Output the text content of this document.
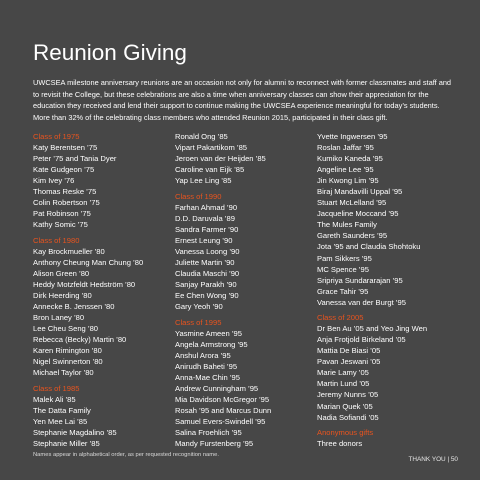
Reunion Giving

UWCSEA milestone anniversary reunions are an occasion not only for alumni to reconnect with former classmates and staff and to revisit the College, but these celebrations are also a time when anniversary classes can show their appreciation for the education they received and lend their support to continue making the UWCSEA experience meaningful for today’s students. More than 32% of the celebrating class members who attended Reunion 2015, participated in their class gift.

Class of 1975
Katy Berentsen ’75
Peter ’75 and Tania Dyer
Kate Gudgeon ’75
Kim Ivey ’76
Thomas Reske ’75
Colin Robertson ’75
Pat Robinson ’75
Kathy Somic ’75
Class of 1980
Kay Brockmueller ’80
Anthony Cheung Man Chung ’80
Alison Green ’80
Heddy Motzfeldt Hedström ’80
Dirk Heerding ’80
Annecke B. Jenssen ’80
Bron Laney ’80
Lee Cheu Seng ’80
Rebecca (Becky) Martin ’80
Karen Rimington ’80
Nigel Swinnerton ’80
Michael Taylor ’80
Class of 1985
Malek Ali ’85
The Datta Family
Yen Mee Lai ’85
Stephanie Magdalino ’85
Stephanie Miller ’85
Ronald Ong ’85
Vipart Pakartikom ’85
Jeroen van der Heijden ’85
Caroline van Eijk ’85
Yap Lee Ling ’85
Class of 1990
Farhan Ahmad ’90
D.D. Daruvala ’89
Sandra Farmer ’90
Ernest Leung ’90
Vanessa Loong ’90
Juliette Martin ’90
Claudia Maschi ’90
Sanjay Parakh ’90
Ee Chen Wong ’90
Gary Yeoh ’90
Class of 1995
Yasmine Ameen ’95
Angela Armstrong ’95
Anshul Arora ’95
Anirudh Baheti ’95
Anna-Mae Chin ’95
Andrew Cunningham ’95
Mia Davidson McGregor ’95
Rosah ’95 and Marcus Dunn
Samuel Evers-Swindell ’95
Salina Froehlich ’95
Mandy Furstenberg ’95
Yvette Ingwersen ’95
Roslan Jaffar ’95
Kumiko Kaneda ’95
Angeline Lee ’95
Jin Kwong Lim ’95
Biraj Mandavilli Uppal ’95
Stuart McLelland ’95
Jacqueline Moccand ’95
The Mules Family
Gareth Saunders ’95
Jota ’95 and Claudia Shohtoku
Pam Sikkers ’95
MC Spence ’95
Sripriya Sundararajan ’95
Grace Tahir ’95
Vanessa van der Burgt ’95
Class of 2005
Dr Ben Au ’05 and Yeo Jing Wen
Anja Frotjold Birkeland ’05
Mattia De Biasi ’05
Pavan Jeswani ’05
Marie Lamy ’05
Martin Lund ’05
Jeremy Nunns ’05
Marian Quek ’05
Nadia Sofiandi ’05
Anonymous gifts
Three donors
Names appear in alphabetical order, as per requested recognition name.
THANK YOU | 50
